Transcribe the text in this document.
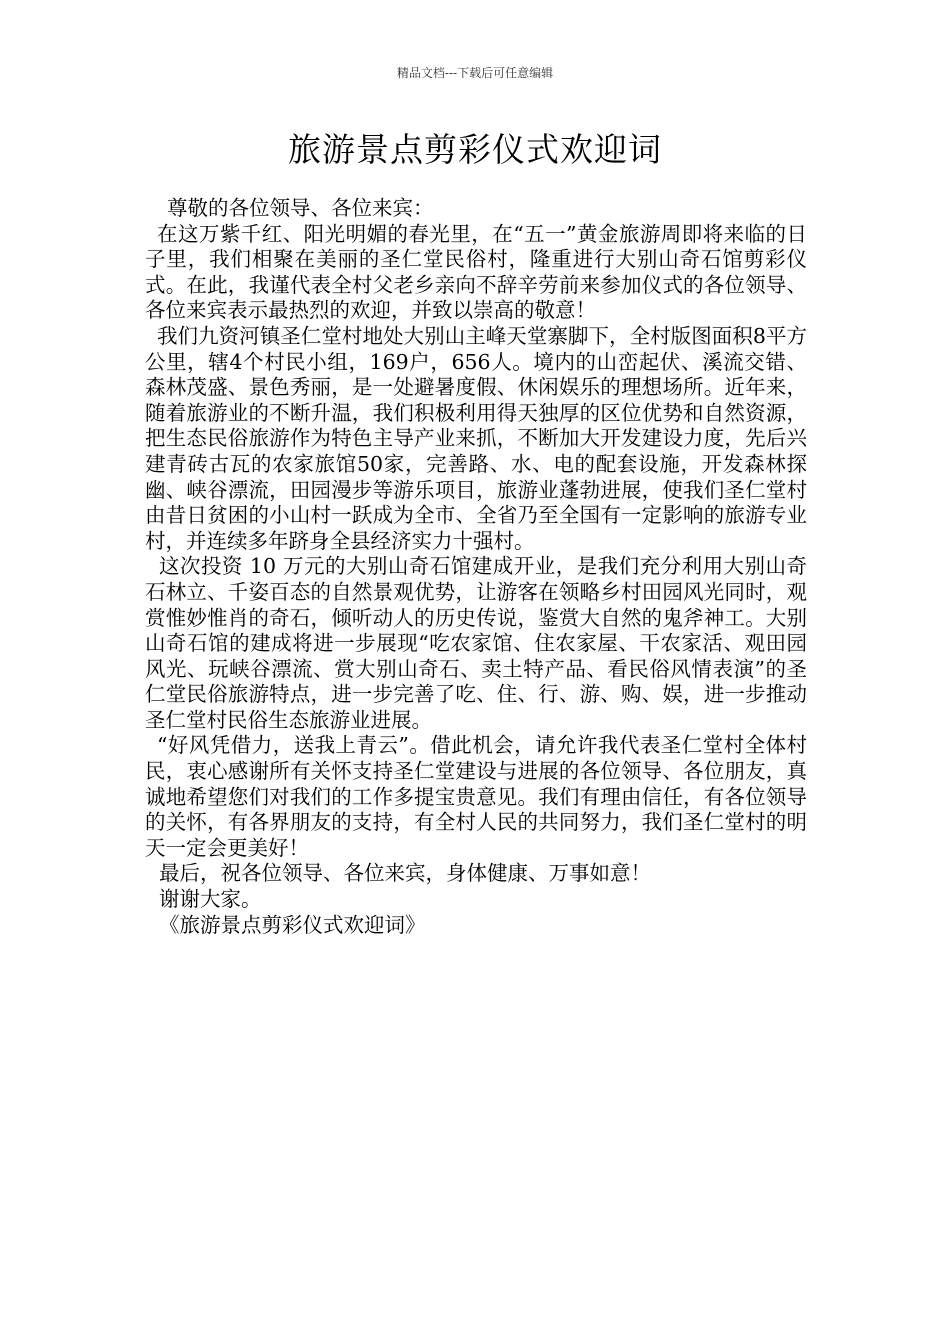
精品文档---下载后可任意编辑
旅游景点剪彩仪式欢迎词

尊敬的各位领导、各位来宾：

在这万紫千红、阳光明媚的春光里，在“五一”黄金旅游周即将来临的日子里，我们相聚在美丽的圣仁堂民俗村，隆重进行大别山奇石馆剪彩仪式。在此，我谨代表全村父老乡亲向不辞辛劳前来参加仪式的各位领导、各位来宾表示最热烈的欢迎，并致以崇高的敬意！

我们九资河镇圣仁堂村地处大别山主峰天堂寨脚下，全村版图面积8平方公里，辖4个村民小组，169户，656人。境内的山峦起伏、溪流交错、森林茂盛、景色秀丽，是一处避暑度假、休闲娱乐的理想场所。近年来，随着旅游业的不断升温，我们积极利用得天独厚的区位优势和自然资源，把生态民俗旅游作为特色主导产业来抓，不断加大开发建设力度，先后兴建青砖古瓦的农家旅馆50家，完善路、水、电的配套设施，开发森林探幽、峡谷漂流，田园漫步等游乐项目，旅游业蓬勃进展，使我们圣仁堂村由昔日贫困的小山村一跃成为全市、全省乃至全国有一定影响的旅游专业村，并连续多年跻身全县经济实力十强村。

这次投资 10 万元的大别山奇石馆建成开业，是我们充分利用大别山奇石林立、千姿百态的自然景观优势，让游客在领略乡村田园风光同时，观赏惟妙惟肖的奇石，倾听动人的历史传说，鉴赏大自然的鬼斧神工。大别山奇石馆的建成将进一步展现“吃农家馆、住农家屋、干农家活、观田园风光、玩峡谷漂流、赏大别山奇石、卖土特产品、看民俗风情表演”的圣仁堂民俗旅游特点，进一步完善了吃、住、行、游、购、娱，进一步推动圣仁堂村民俗生态旅游业进展。

“好风凭借力，送我上青云”。借此机会，请允许我代表圣仁堂村全体村民，衷心感谢所有关怀支持圣仁堂建设与进展的各位领导、各位朋友，真诚地希望您们对我们的工作多提宝贵意见。我们有理由信任，有各位领导的关怀，有各界朋友的支持，有全村人民的共同努力，我们圣仁堂村的明天一定会更美好！

最后，祝各位领导、各位来宾，身体健康、万事如意！

谢谢大家。

《旅游景点剪彩仪式欢迎词》
